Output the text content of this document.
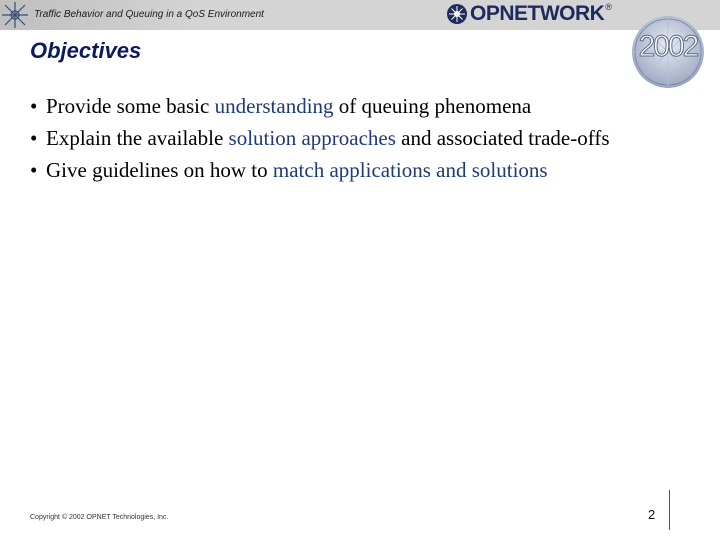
Traffic Behavior and Queuing in a QoS Environment	OPNETWORK ®
2002
Objectives
• Provide some basic understanding of queuing phenomena
• Explain the available solution approaches and associated trade-offs
• Give guidelines on how to match applications and solutions
Copyright © 2002 OPNET Technologies, Inc.	2
